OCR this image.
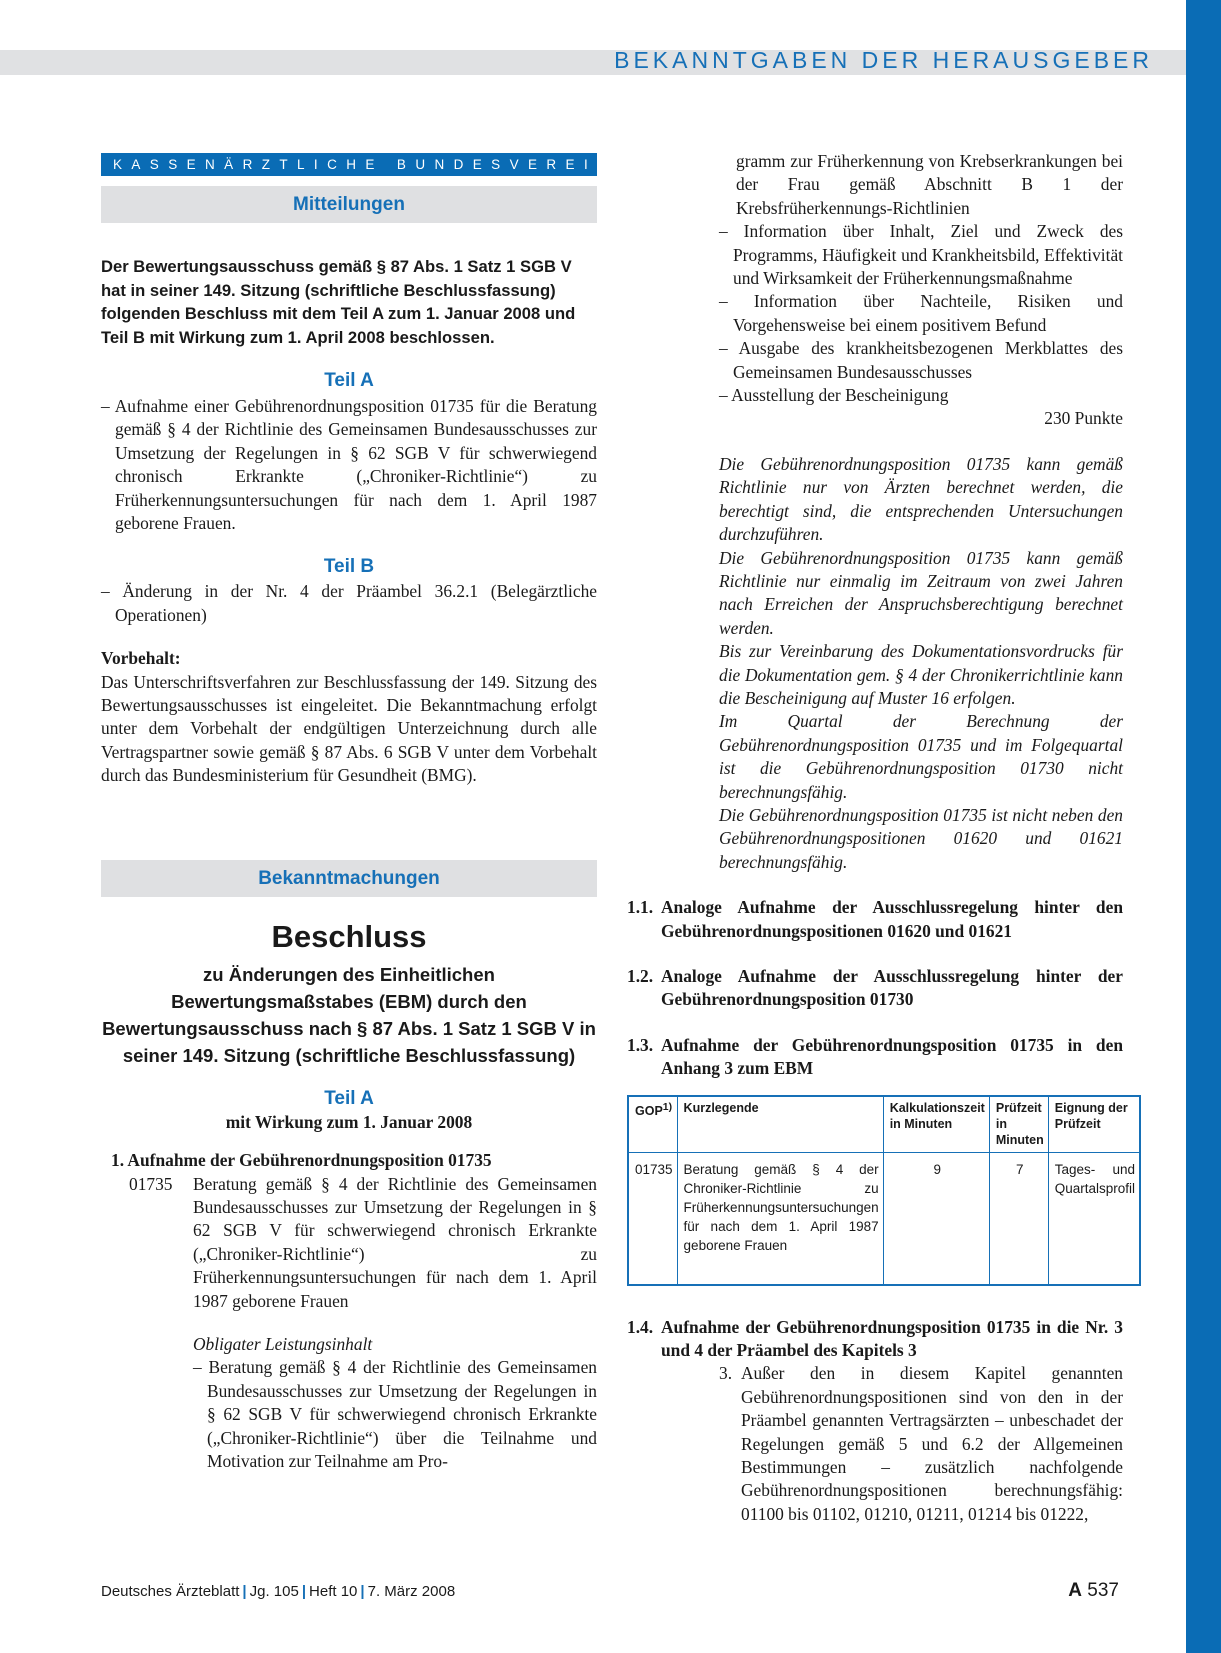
BEKANNTGABEN DER HERAUSGEBER
KASSENÄRZTLICHE BUNDESVEREINIGUNG
Mitteilungen
Der Bewertungsausschuss gemäß § 87 Abs. 1 Satz 1 SGB V hat in seiner 149. Sitzung (schriftliche Beschlussfassung) folgenden Beschluss mit dem Teil A zum 1. Januar 2008 und Teil B mit Wirkung zum 1. April 2008 beschlossen.
Teil A
– Aufnahme einer Gebührenordnungsposition 01735 für die Beratung gemäß § 4 der Richtlinie des Gemeinsamen Bundesausschusses zur Umsetzung der Regelungen in § 62 SGB V für schwerwiegend chronisch Erkrankte („Chroniker-Richtlinie“) zu Früherkennungsuntersuchungen für nach dem 1. April 1987 geborene Frauen.
Teil B
– Änderung in der Nr. 4 der Präambel 36.2.1 (Belegärztliche Operationen)
Vorbehalt:
Das Unterschriftsverfahren zur Beschlussfassung der 149. Sitzung des Bewertungsausschusses ist eingeleitet. Die Bekanntmachung erfolgt unter dem Vorbehalt der endgültigen Unterzeichnung durch alle Vertragspartner sowie gemäß § 87 Abs. 6 SGB V unter dem Vorbehalt durch das Bundesministerium für Gesundheit (BMG).
Bekanntmachungen
Beschluss
zu Änderungen des Einheitlichen Bewertungsmaßstabes (EBM) durch den Bewertungsausschuss nach § 87 Abs. 1 Satz 1 SGB V in seiner 149. Sitzung (schriftliche Beschlussfassung)
Teil A
mit Wirkung zum 1. Januar 2008
1. Aufnahme der Gebührenordnungsposition 01735
01735	Beratung gemäß § 4 der Richtlinie des Gemeinsamen Bundesausschusses zur Umsetzung der Regelungen in § 62 SGB V für schwerwiegend chronisch Erkrankte („Chroniker-Richtlinie“) zu Früherkennungsuntersuchungen für nach dem 1. April 1987 geborene Frauen
Obligater Leistungsinhalt
– Beratung gemäß § 4 der Richtlinie des Gemeinsamen Bundesausschusses zur Umsetzung der Regelungen in § 62 SGB V für schwerwiegend chronisch Erkrankte („Chroniker-Richtlinie“) über die Teilnahme und Motivation zur Teilnahme am Pro-
gramm zur Früherkennung von Krebserkrankungen bei der Frau gemäß Abschnitt B 1 der Krebsfrüherkennungs-Richtlinien
– Information über Inhalt, Ziel und Zweck des Programms, Häufigkeit und Krankheitsbild, Effektivität und Wirksamkeit der Früherkennungsmaßnahme
– Information über Nachteile, Risiken und Vorgehensweise bei einem positivem Befund
– Ausgabe des krankheitsbezogenen Merkblattes des Gemeinsamen Bundesausschusses
– Ausstellung der Bescheinigung
230 Punkte
Die Gebührenordnungsposition 01735 kann gemäß Richtlinie nur von Ärzten berechnet werden, die berechtigt sind, die entsprechenden Untersuchungen durchzuführen.
Die Gebührenordnungsposition 01735 kann gemäß Richtlinie nur einmalig im Zeitraum von zwei Jahren nach Erreichen der Anspruchsberechtigung berechnet werden.
Bis zur Vereinbarung des Dokumentationsvordrucks für die Dokumentation gem. § 4 der Chronikerrichtlinie kann die Bescheinigung auf Muster 16 erfolgen.
Im Quartal der Berechnung der Gebührenordnungsposition 01735 und im Folgequartal ist die Gebührenordnungsposition 01730 nicht berechnungsfähig.
Die Gebührenordnungsposition 01735 ist nicht neben den Gebührenordnungspositionen 01620 und 01621 berechnungsfähig.
1.1. Analoge Aufnahme der Ausschlussregelung hinter den Gebührenordnungspositionen 01620 und 01621
1.2. Analoge Aufnahme der Ausschlussregelung hinter der Gebührenordnungsposition 01730
1.3. Aufnahme der Gebührenordnungsposition 01735 in den Anhang 3 zum EBM
GOP$^{1)}$	Kurzlegende	Kalkulationszeit in Minuten	Prüfzeit in Minuten	Eignung der Prüfzeit
01735	Beratung gemäß § 4 der Chroniker-Richtlinie zu Früherkennungsuntersuchungen für nach dem 1. April 1987 geborene Frauen	9	7	Tages- und Quartalsprofil
1.4. Aufnahme der Gebührenordnungsposition 01735 in die Nr. 3 und 4 der Präambel des Kapitels 3
3. Außer den in diesem Kapitel genannten Gebührenordnungspositionen sind von den in der Präambel genannten Vertragsärzten – unbeschadet der Regelungen gemäß 5 und 6.2 der Allgemeinen Bestimmungen – zusätzlich nachfolgende Gebührenordnungspositionen berechnungsfähig: 01100 bis 01102, 01210, 01211, 01214 bis 01222,
Deutsches Ärzteblatt | Jg. 105 | Heft 10 | 7. März 2008	A 537
